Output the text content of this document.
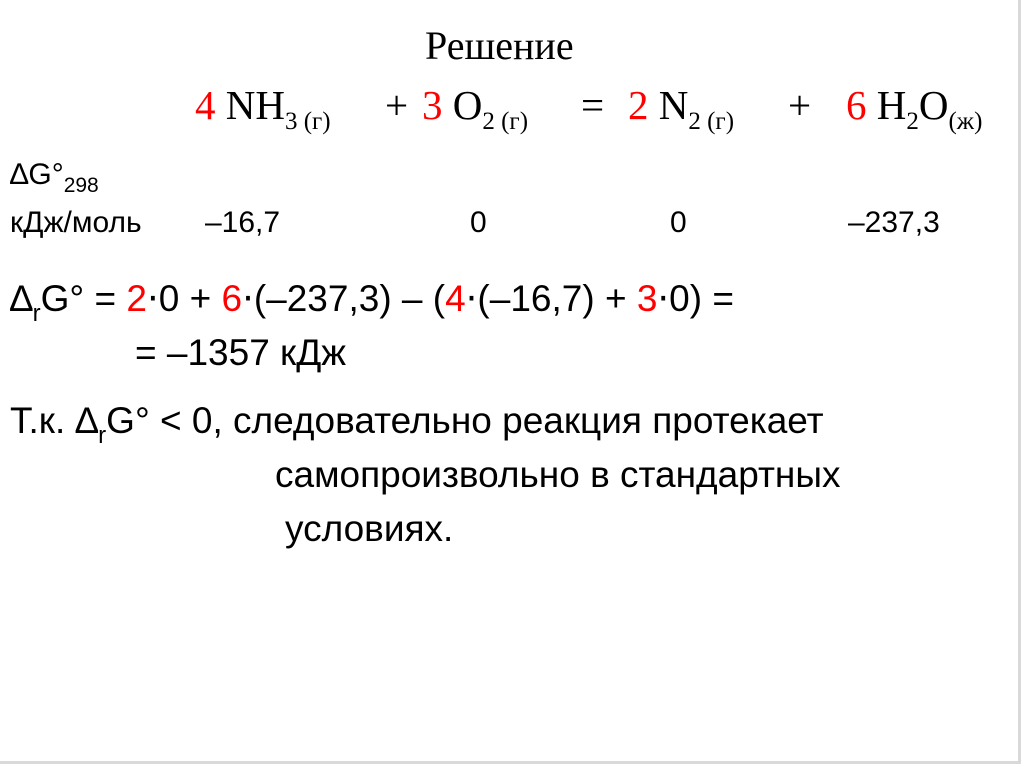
Решение
4 $NH_3$ $_{(г)}$ + 3 $O_2$ $_{(г)}$ = 2 $N_2$ $_{(г)}$ + 6 $H_2O_{(ж)}$
$\Delta G^\circ_{298}$
кДж/моль –16,7	0	0	–237,3
$\Delta_rG^\circ = 2\cdot 0 + 6\cdot(-237,3) - (4\cdot(-16,7) + 3\cdot 0)$ =
= –1357 кДж
Т.к. $\Delta_rG^\circ < 0$, следовательно реакция протекает
самопроизвольно в стандартных
условиях.
